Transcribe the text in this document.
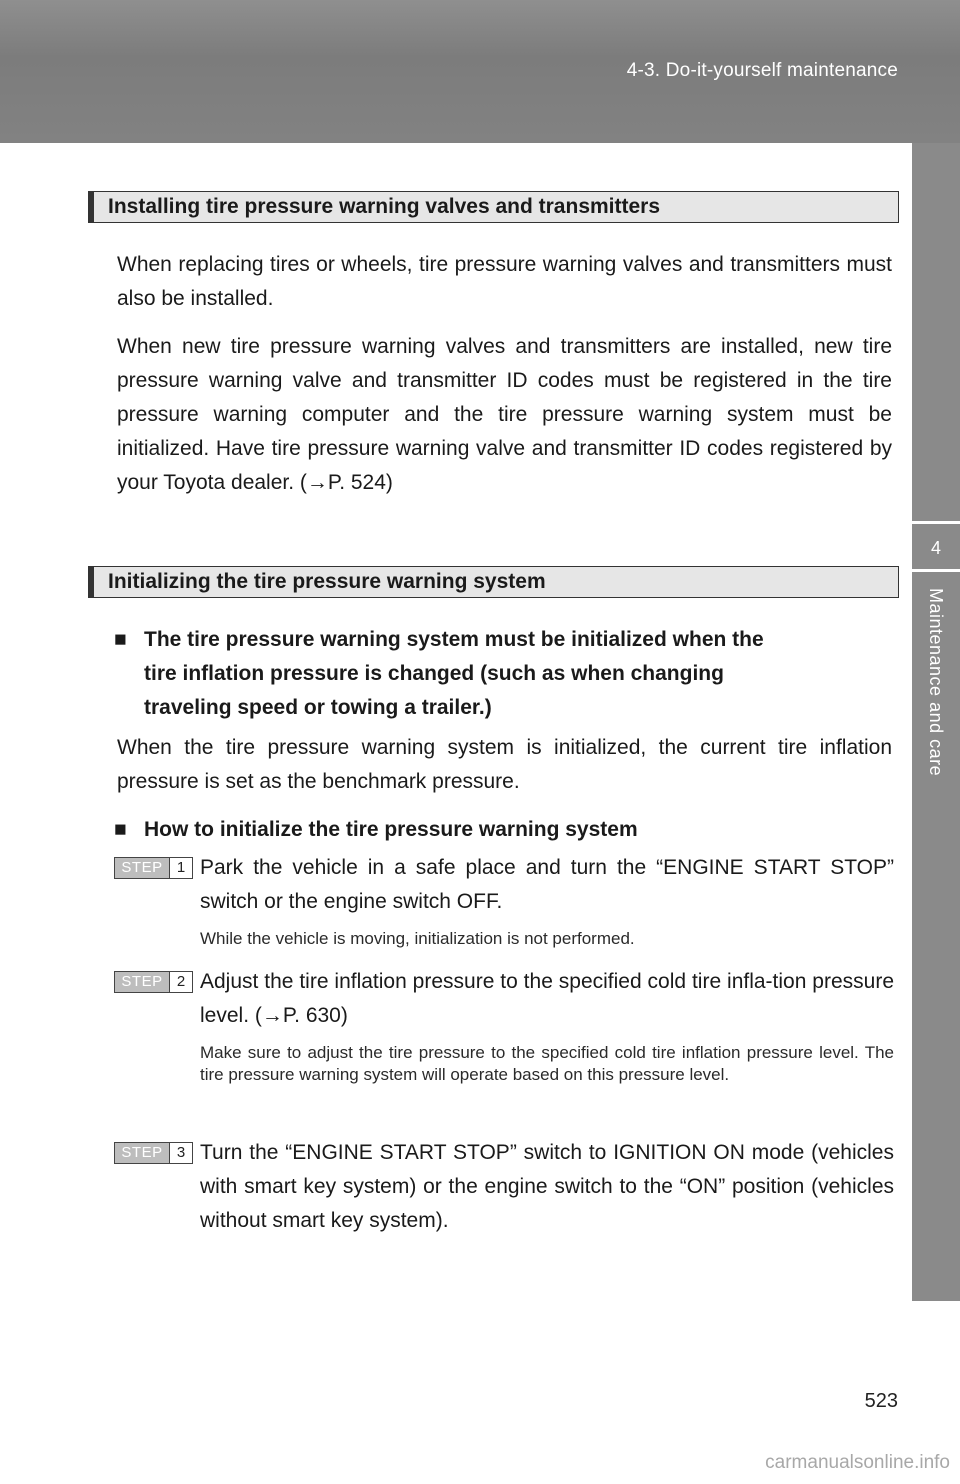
4-3. Do-it-yourself maintenance
4
Maintenance and care
Installing tire pressure warning valves and transmitters
When replacing tires or wheels, tire pressure warning valves and transmitters must also be installed.
When new tire pressure warning valves and transmitters are installed, new tire pressure warning valve and transmitter ID codes must be registered in the tire pressure warning computer and the tire pressure warning system must be initialized. Have tire pressure warning valve and transmitter ID codes registered by your Toyota dealer. (→P. 524)
Initializing the tire pressure warning system
■ The tire pressure warning system must be initialized when the
tire inflation pressure is changed (such as when changing
traveling speed or towing a trailer.)
When the tire pressure warning system is initialized, the current tire inflation pressure is set as the benchmark pressure.
■ How to initialize the tire pressure warning system
STEP 1 Park the vehicle in a safe place and turn the “ENGINE START STOP” switch or the engine switch OFF.
While the vehicle is moving, initialization is not performed.
STEP 2 Adjust the tire inflation pressure to the specified cold tire infla-tion pressure level. (→P. 630)
Make sure to adjust the tire pressure to the specified cold tire inflation pressure level. The tire pressure warning system will operate based on this pressure level.
STEP 3 Turn the “ENGINE START STOP” switch to IGNITION ON mode (vehicles with smart key system) or the engine switch to the “ON” position (vehicles without smart key system).
523
carmanualsonline.info
